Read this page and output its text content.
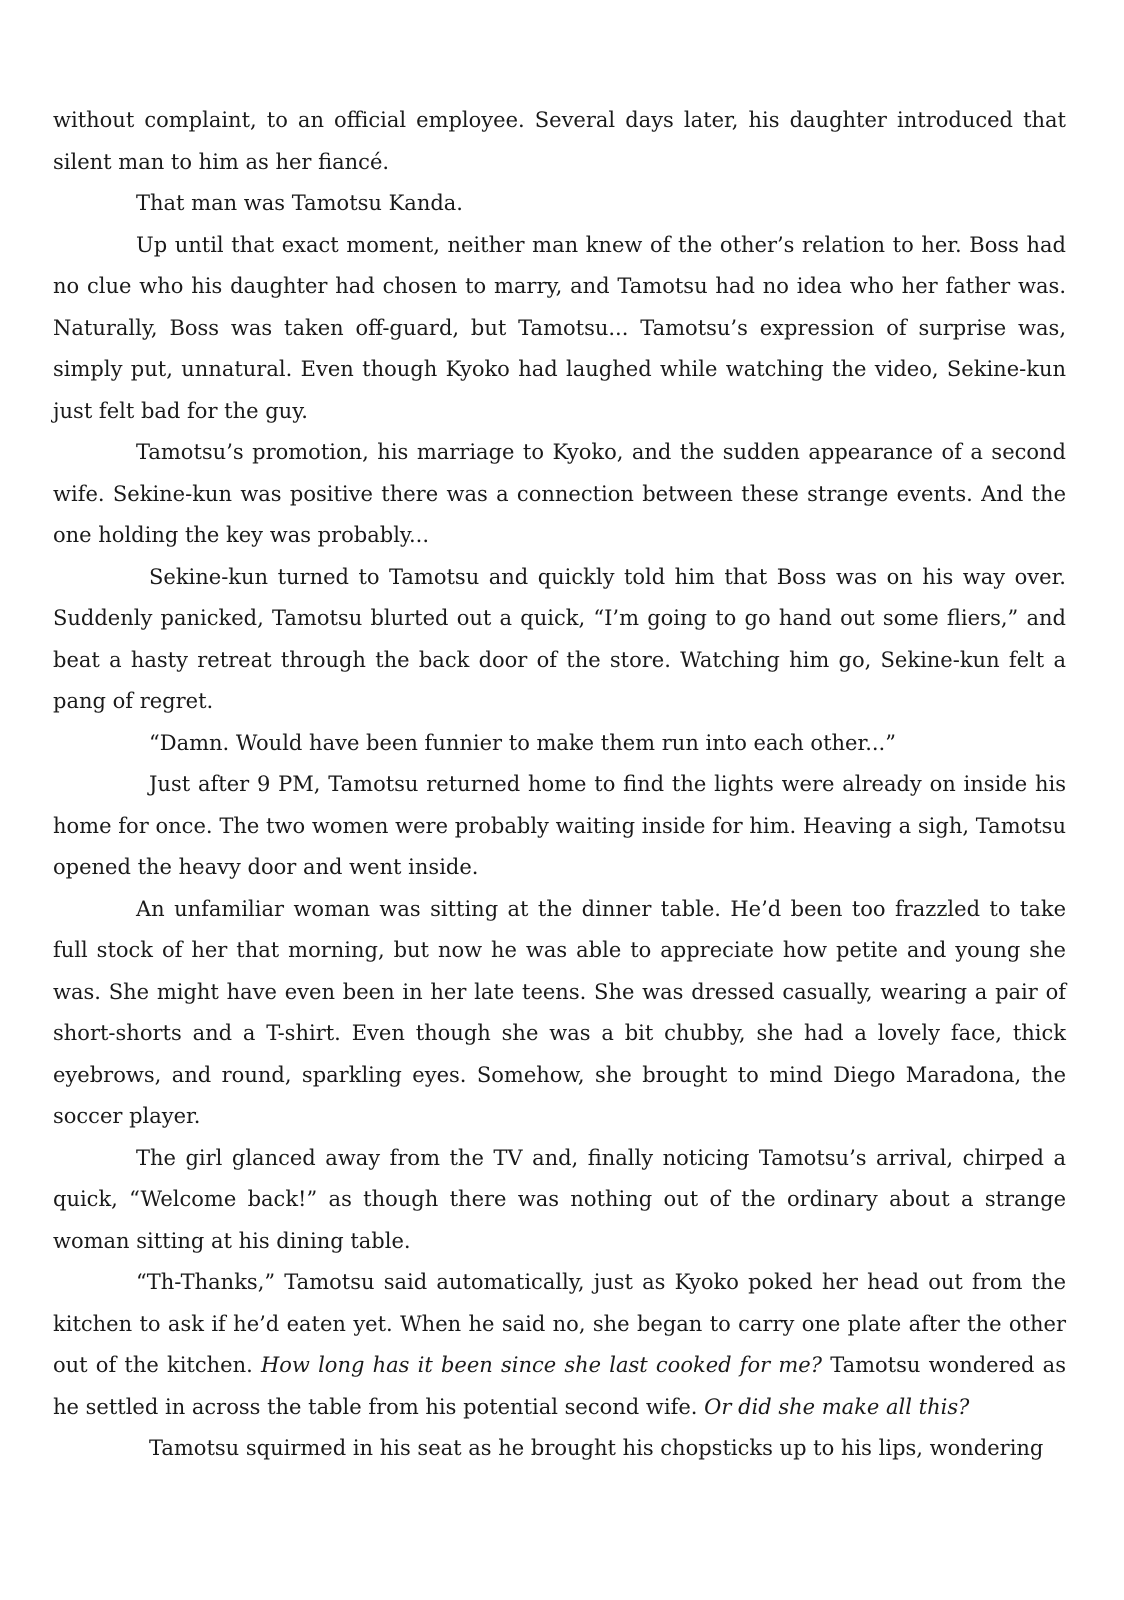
without complaint, to an official employee. Several days later, his daughter introduced that silent man to him as her fiancé.

That man was Tamotsu Kanda.

Up until that exact moment, neither man knew of the other’s relation to her. Boss had no clue who his daughter had chosen to marry, and Tamotsu had no idea who her father was. Naturally, Boss was taken off-guard, but Tamotsu... Tamotsu’s expression of surprise was, simply put, unnatural. Even though Kyoko had laughed while watching the video, Sekine-kun just felt bad for the guy.

Tamotsu’s promotion, his marriage to Kyoko, and the sudden appearance of a second wife. Sekine-kun was positive there was a connection between these strange events. And the one holding the key was probably...

Sekine-kun turned to Tamotsu and quickly told him that Boss was on his way over. Suddenly panicked, Tamotsu blurted out a quick, “I’m going to go hand out some fliers,” and beat a hasty retreat through the back door of the store. Watching him go, Sekine-kun felt a pang of regret.

“Damn. Would have been funnier to make them run into each other...”

Just after 9 PM, Tamotsu returned home to find the lights were already on inside his home for once. The two women were probably waiting inside for him. Heaving a sigh, Tamotsu opened the heavy door and went inside.

An unfamiliar woman was sitting at the dinner table. He’d been too frazzled to take full stock of her that morning, but now he was able to appreciate how petite and young she was. She might have even been in her late teens. She was dressed casually, wearing a pair of short-shorts and a T-shirt. Even though she was a bit chubby, she had a lovely face, thick eyebrows, and round, sparkling eyes. Somehow, she brought to mind Diego Maradona, the soccer player.

The girl glanced away from the TV and, finally noticing Tamotsu’s arrival, chirped a quick, “Welcome back!” as though there was nothing out of the ordinary about a strange woman sitting at his dining table.

“Th-Thanks,” Tamotsu said automatically, just as Kyoko poked her head out from the kitchen to ask if he’d eaten yet. When he said no, she began to carry one plate after the other out of the kitchen. How long has it been since she last cooked for me? Tamotsu wondered as he settled in across the table from his potential second wife. Or did she make all this?

Tamotsu squirmed in his seat as he brought his chopsticks up to his lips, wondering
